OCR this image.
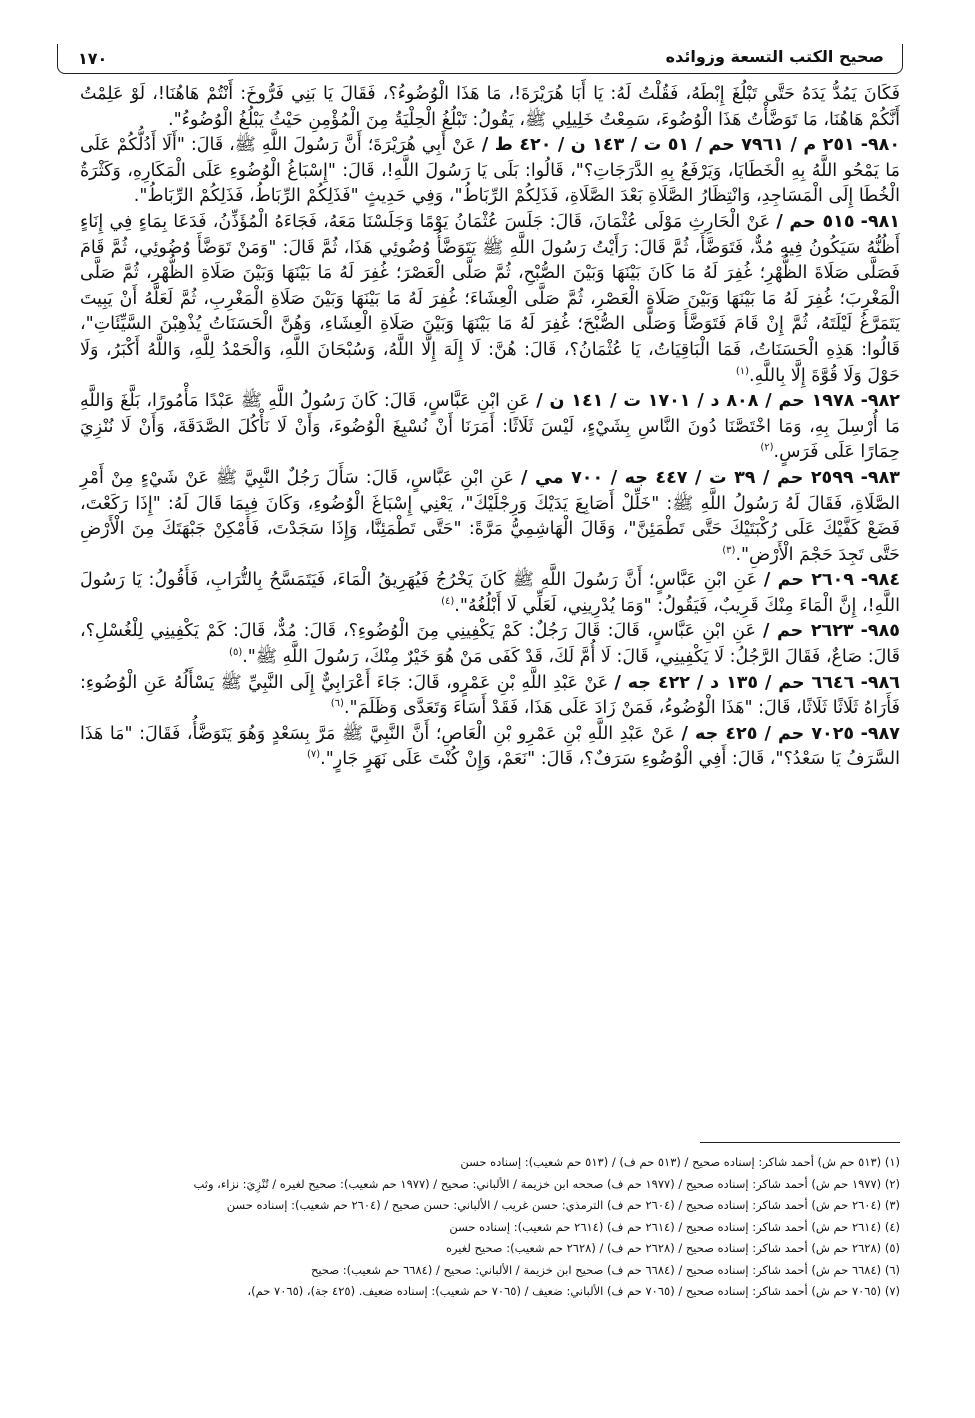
صحيح الكتب التسعة وزوائده
١٧٠

فَكَانَ يَمُدُّ يَدَهُ حَتَّى تَبْلُغَ إِبْطَهُ، فَقُلْتُ لَهُ: يَا أَبَا هُرَيْرَةَ!، مَا هَذَا الْوُضُوءُ؟، فَقَالَ يَا بَنِي فَرُّوخَ: أَنْتُمْ هَاهُنَا!، لَوْ عَلِمْتُ أَنَّكُمْ هَاهُنَا، مَا تَوَضَّأْتُ هَذَا الْوُضُوءَ، سَمِعْتُ خَلِيلِي ﷺ، يَقُولُ: تَبْلُغُ الْحِلْيَةُ مِنَ الْمُؤْمِنِ حَيْثُ يَبْلُغُ الْوُضُوءُ".

٩٨٠- ٢٥١ م / ٧٩٦١ حم / ٥١ ت / ١٤٣ ن / ٤٢٠ ط / عَنْ أَبِي هُرَيْرَةَ؛ أَنَّ رَسُولَ اللَّهِ ﷺ، قَالَ: "أَلَا أَدُلُّكُمْ عَلَى مَا يَمْحُو اللَّهُ بِهِ الْخَطَايَا، وَيَرْفَعُ بِهِ الدَّرَجَاتِ؟"، قَالُوا: بَلَى يَا رَسُولَ اللَّهِ!، قَالَ: "إِسْبَاغُ الْوُضُوءِ عَلَى الْمَكَارِهِ، وَكَثْرَةُ الْخُطَا إِلَى الْمَسَاجِدِ، وَانْتِظَارُ الصَّلَاةِ بَعْدَ الصَّلَاةِ، فَذَلِكُمْ الرِّبَاطُ"، وَفِي حَدِيثٍ "فَذَلِكُمْ الرِّبَاطُ، فَذَلِكُمْ الرِّبَاطُ".

٩٨١- ٥١٥ حم / عَنْ الْحَارِثِ مَوْلَى عُثْمَانَ، قَالَ: جَلَسَ عُثْمَانُ يَوْمًا وَجَلَسْنَا مَعَهُ، فَجَاءَهُ الْمُؤَذِّنُ، فَدَعَا بِمَاءٍ فِي إِنَاءٍ أَظُنُّهُ سَيَكُونُ فِيهِ مُدٌّ، فَتَوَضَّأَ، ثُمَّ قَالَ: رَأَيْتُ رَسُولَ اللَّهِ ﷺ يَتَوَضَّأُ وُضُوئِي هَذَا، ثُمَّ قَالَ: "وَمَنْ تَوَضَّأَ وُضُوئِي، ثُمَّ قَامَ فَصَلَّى صَلَاةَ الظُّهْرِ؛ غُفِرَ لَهُ مَا كَانَ بَيْنَهَا وَبَيْنَ الصُّبْحِ، ثُمَّ صَلَّى الْعَصْرَ؛ غُفِرَ لَهُ مَا بَيْنَهَا وَبَيْنَ صَلَاةِ الظُّهْرِ، ثُمَّ صَلَّى الْمَغْرِبَ؛ غُفِرَ لَهُ مَا بَيْنَهَا وَبَيْنَ صَلَاةِ الْعَصْرِ، ثُمَّ صَلَّى الْعِشَاءَ؛ غُفِرَ لَهُ مَا بَيْنَهَا وَبَيْنَ صَلَاةِ الْمَغْرِبِ، ثُمَّ لَعَلَّهُ أَنْ يَبِيتَ يَتَمَرَّغُ لَيْلَتَهُ، ثُمَّ إِنْ قَامَ فَتَوَضَّأَ وَصَلَّى الصُّبْحَ؛ غُفِرَ لَهُ مَا بَيْنَهَا وَبَيْنَ صَلَاةِ الْعِشَاءِ، وَهُنَّ الْحَسَنَاتُ يُذْهِبْنَ السَّيِّئَاتِ"، قَالُوا: هَذِهِ الْحَسَنَاتُ، فَمَا الْبَاقِيَاتُ، يَا عُثْمَانُ؟، قَالَ: هُنَّ: لَا إِلَهَ إِلَّا اللَّهُ، وَسُبْحَانَ اللَّهِ، وَالْحَمْدُ لِلَّهِ، وَاللَّهُ أَكْبَرُ، وَلَا حَوْلَ وَلَا قُوَّةَ إِلَّا بِاللَّهِ.$^{(١)}$

٩٨٢- ١٩٧٨ حم / ٨٠٨ د / ١٧٠١ ت / ١٤١ ن / عَنِ ابْنِ عَبَّاسٍ، قَالَ: كَانَ رَسُولُ اللَّهِ ﷺ عَبْدًا مَأْمُورًا، بَلَّغَ وَاللَّهِ مَا أُرْسِلَ بِهِ، وَمَا اخْتَصَّنَا دُونَ النَّاسِ بِشَيْءٍ، لَيْسَ ثَلَاثًا: أَمَرَنَا أَنْ نُسْبِغَ الْوُضُوءَ، وَأَنْ لَا نَأْكُلَ الصَّدَقَةَ، وَأَنْ لَا نُنْزِيَ حِمَارًا عَلَى فَرَسٍ.$^{(٢)}$

٩٨٣- ٢٥٩٩ حم / ٣٩ ت / ٤٤٧ جه / ٧٠٠ مي / عَنِ ابْنِ عَبَّاسٍ، قَالَ: سَأَلَ رَجُلٌ النَّبِيَّ ﷺ عَنْ شَيْءٍ مِنْ أَمْرِ الصَّلَاةِ، فَقَالَ لَهُ رَسُولُ اللَّهِ ﷺ: "خَلِّلْ أَصَابِعَ يَدَيْكَ وَرِجْلَيْكَ"، يَعْنِي إِسْبَاغَ الْوُضُوءِ، وَكَانَ فِيمَا قَالَ لَهُ: "إِذَا رَكَعْتَ، فَضَعْ كَفَّيْكَ عَلَى رُكْبَتَيْكَ حَتَّى تَطْمَئِنَّ"، وَقَالَ الْهَاشِمِيُّ مَرَّةً: "حَتَّى تَطْمَئِنَّا، وَإِذَا سَجَدْتَ، فَأَمْكِنْ جَبْهَتَكَ مِنَ الْأَرْضِ حَتَّى تَجِدَ حَجْمَ الْأَرْضِ".$^{(٣)}$

٩٨٤- ٢٦٠٩ حم / عَنِ ابْنِ عَبَّاسٍ؛ أَنَّ رَسُولَ اللَّهِ ﷺ كَانَ يَخْرُجُ فَيُهَرِيقُ الْمَاءَ، فَيَتَمَسَّحُ بِالتُّرَابِ، فَأَقُولُ: يَا رَسُولَ اللَّهِ!، إِنَّ الْمَاءَ مِنْكَ قَرِيبٌ، فَيَقُولُ: "وَمَا يُدْرِينِي، لَعَلِّي لَا أَبْلُغُهُ".$^{(٤)}$

٩٨٥- ٢٦٢٣ حم / عَنِ ابْنِ عَبَّاسٍ، قَالَ: قَالَ رَجُلٌ: كَمْ يَكْفِينِي مِنَ الْوُضُوءِ؟، قَالَ: مُدٌّ، قَالَ: كَمْ يَكْفِينِي لِلْغُسْلِ؟، قَالَ: صَاعٌ، فَقَالَ الرَّجُلُ: لَا يَكْفِينِي، قَالَ: لَا أُمَّ لَكَ، قَدْ كَفَى مَنْ هُوَ خَيْرٌ مِنْكَ، رَسُولَ اللَّهِ ﷺ".$^{(٥)}$

٩٨٦- ٦٦٤٦ حم / ١٣٥ د / ٤٢٢ جه / عَنْ عَبْدِ اللَّهِ بْنِ عَمْرٍو، قَالَ: جَاءَ أَعْرَابِيٌّ إِلَى النَّبِيِّ ﷺ يَسْأَلُهُ عَنِ الْوُضُوءِ: فَأَرَاهُ ثَلَاثًا ثَلَاثًا، قَالَ: "هَذَا الْوُضُوءُ، فَمَنْ زَادَ عَلَى هَذَا، فَقَدْ أَسَاءَ وَتَعَدَّى وَظَلَمَ".$^{(٦)}$

٩٨٧- ٧٠٢٥ حم / ٤٢٥ جه / عَنْ عَبْدِ اللَّهِ بْنِ عَمْرِو بْنِ الْعَاصِ؛ أَنَّ النَّبِيَّ ﷺ مَرَّ بِسَعْدٍ وَهُوَ يَتَوَضَّأُ، فَقَالَ: "مَا هَذَا السَّرَفُ يَا سَعْدُ؟"، قَالَ: أَفِي الْوُضُوءِ سَرَفٌ؟، قَالَ: "نَعَمْ، وَإِنْ كُنْتَ عَلَى نَهَرٍ جَارٍ".$^{(٧)}$

(١) (٥١٣ حم ش) أحمد شاكر: إسناده صحيح / (٥١٣ حم ف) / (٥١٣ حم شعيب): إسناده حسن

(٢) (١٩٧٧ حم ش) أحمد شاكر: إسناده صحيح / (١٩٧٧ حم ف) صححه ابن خزيمة / الألباني: صحيح / (١٩٧٧ حم شعيب): صحيح لغيره / تُنْزِيَ: نزاء، وثب

(٣) (٢٦٠٤ حم ش) أحمد شاكر: إسناده صحيح / (٢٦٠٤ حم ف) الترمذي: حسن غريب / الألباني: حسن صحيح / (٢٦٠٤ حم شعيب): إسناده حسن

(٤) (٢٦١٤ حم ش) أحمد شاكر: إسناده صحيح / (٢٦١٤ حم ف) (٢٦١٤ حم شعيب): إسناده حسن

(٥) (٢٦٢٨ حم ش) أحمد شاكر: إسناده صحيح / (٢٦٢٨ حم ف) / (٢٦٢٨ حم شعيب): صحيح لغيره

(٦) (٦٦٨٤ حم ش) أحمد شاكر: إسناده صحيح / (٦٦٨٤ حم ف) صحيح ابن خزيمة / الألباني: صحيح / (٦٦٨٤ حم شعيب): صحيح

(٧) (٧٠٦٥ حم ش) أحمد شاكر: إسناده صحيح / (٧٠٦٥ حم ف) الألباني: ضعيف / (٧٠٦٥ حم شعيب): إسناده ضعيف. (٤٢٥ جة)، (٧٠٦٥ حم)،
